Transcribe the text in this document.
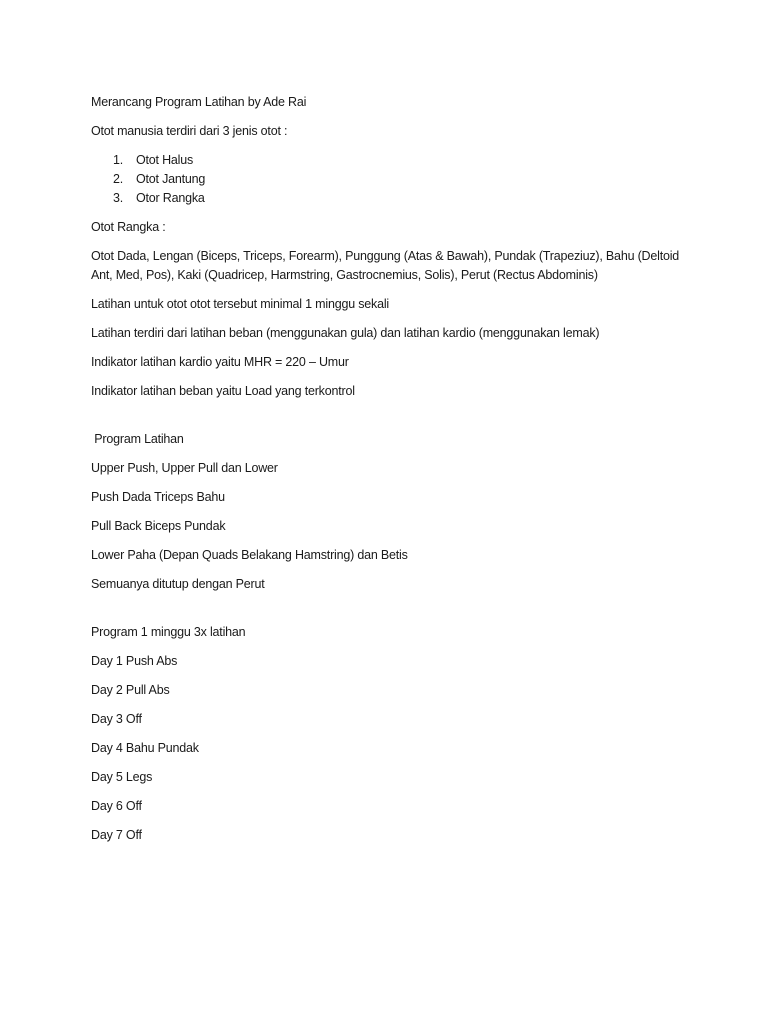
Merancang Program Latihan by Ade Rai

Otot manusia terdiri dari 3 jenis otot :

1. Otot Halus
2. Otot Jantung
3. Otor Rangka

Otot Rangka :

Otot Dada, Lengan (Biceps, Triceps, Forearm), Punggung (Atas & Bawah), Pundak (Trapeziuz), Bahu (Deltoid Ant, Med, Pos), Kaki (Quadricep, Harmstring, Gastrocnemius, Solis), Perut (Rectus Abdominis)

Latihan untuk otot otot tersebut minimal 1 minggu sekali

Latihan terdiri dari latihan beban (menggunakan gula) dan latihan kardio (menggunakan lemak)

Indikator latihan kardio yaitu MHR = 220 – Umur

Indikator latihan beban yaitu Load yang terkontrol

Program Latihan

Upper Push, Upper Pull dan Lower

Push Dada Triceps Bahu

Pull Back Biceps Pundak

Lower Paha (Depan Quads Belakang Hamstring) dan Betis

Semuanya ditutup dengan Perut

Program 1 minggu 3x latihan

Day 1 Push Abs

Day 2 Pull Abs

Day 3 Off

Day 4 Bahu Pundak

Day 5 Legs

Day 6 Off

Day 7 Off
